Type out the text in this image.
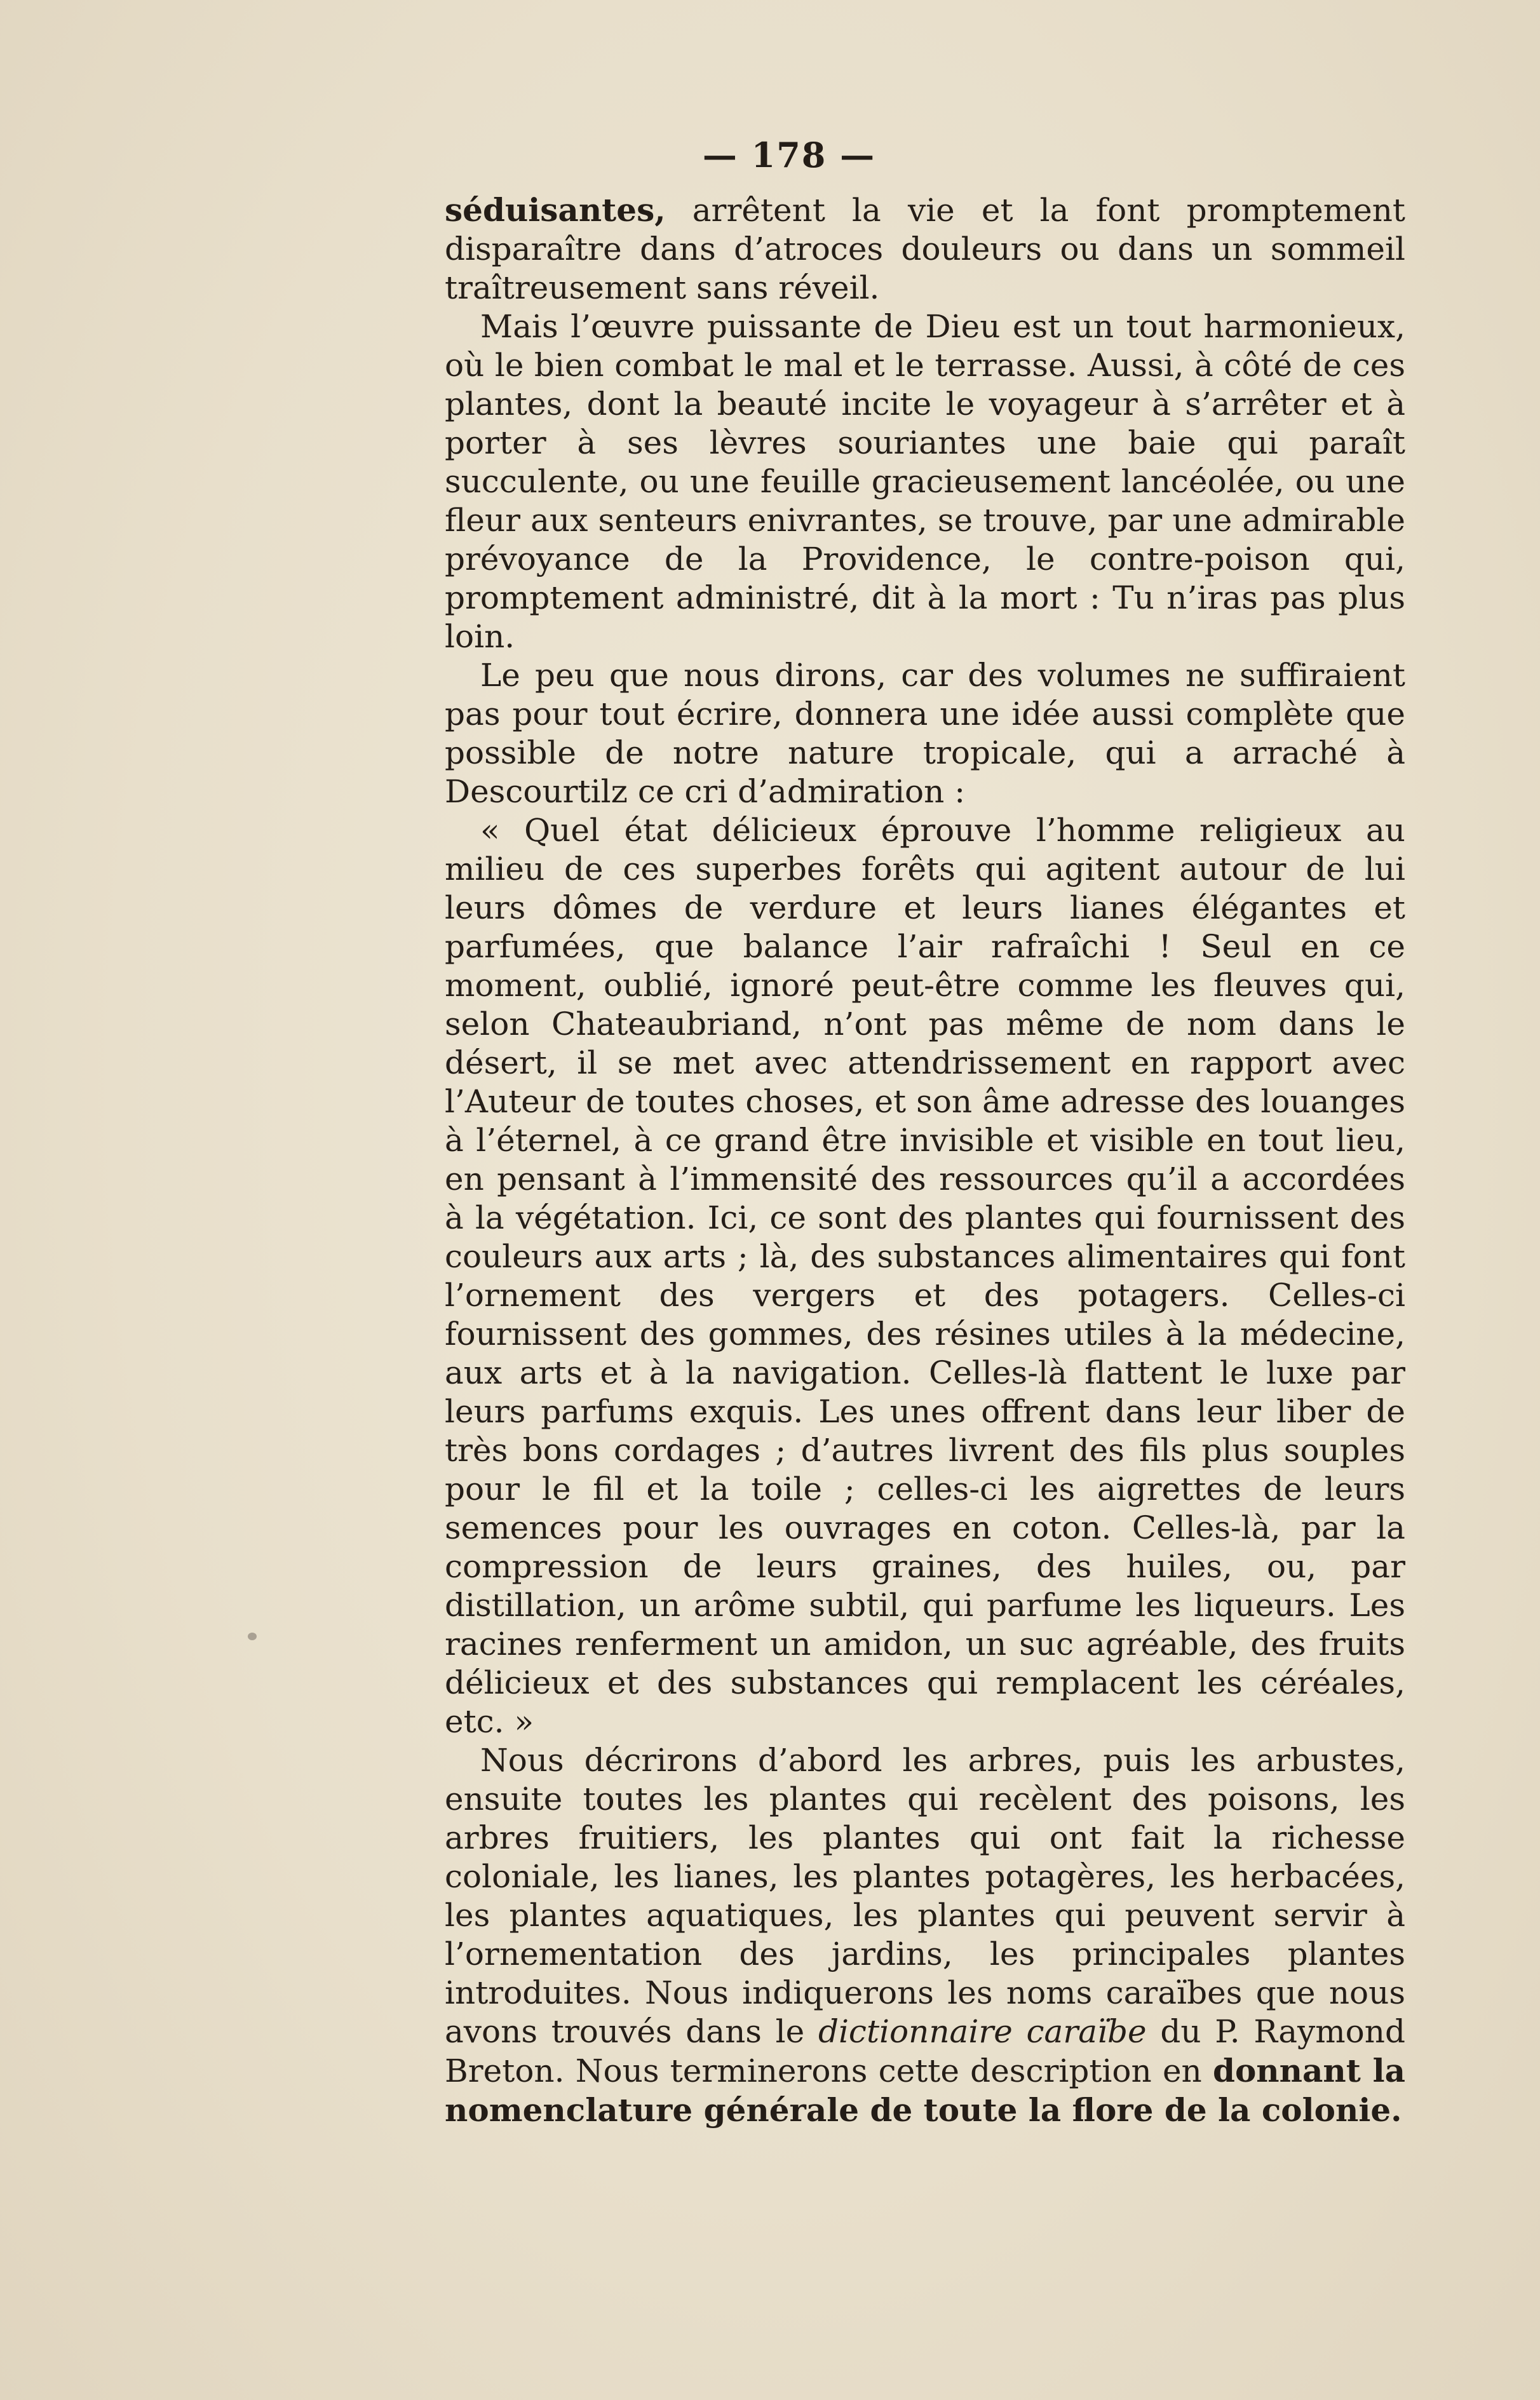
— 178 —

séduisantes, arrêtent la vie et la font promptement disparaître dans d’atroces douleurs ou dans un sommeil traîtreusement sans réveil.

Mais l’œuvre puissante de Dieu est un tout harmonieux, où le bien combat le mal et le terrasse. Aussi, à côté de ces plantes, dont la beauté incite le voyageur à s’arrêter et à porter à ses lèvres souriantes une baie qui paraît succulente, ou une feuille gracieusement lancéolée, ou une fleur aux senteurs enivrantes, se trouve, par une admirable prévoyance de la Providence, le contre-poison qui, promptement administré, dit à la mort : Tu n’iras pas plus loin.

Le peu que nous dirons, car des volumes ne suffiraient pas pour tout écrire, donnera une idée aussi complète que possible de notre nature tropicale, qui a arraché à Descourtilz ce cri d’admiration :

« Quel état délicieux éprouve l’homme religieux au milieu de ces superbes forêts qui agitent autour de lui leurs dômes de verdure et leurs lianes élégantes et parfumées, que balance l’air rafraîchi ! Seul en ce moment, oublié, ignoré peut-être comme les fleuves qui, selon Chateaubriand, n’ont pas même de nom dans le désert, il se met avec attendrissement en rapport avec l’Auteur de toutes choses, et son âme adresse des louanges à l’éternel, à ce grand être invisible et visible en tout lieu, en pensant à l’immensité des ressources qu’il a accordées à la végétation. Ici, ce sont des plantes qui fournissent des couleurs aux arts ; là, des substances alimentaires qui font l’ornement des vergers et des potagers. Celles-ci fournissent des gommes, des résines utiles à la médecine, aux arts et à la navigation. Celles-là flattent le luxe par leurs parfums exquis. Les unes offrent dans leur liber de très bons cordages ; d’autres livrent des fils plus souples pour le fil et la toile ; celles-ci les aigrettes de leurs semences pour les ouvrages en coton. Celles-là, par la compression de leurs graines, des huiles, ou, par distillation, un arôme subtil, qui parfume les liqueurs. Les racines renferment un amidon, un suc agréable, des fruits délicieux et des substances qui remplacent les céréales, etc. »

Nous décrirons d’abord les arbres, puis les arbustes, ensuite toutes les plantes qui recèlent des poisons, les arbres fruitiers, les plantes qui ont fait la richesse coloniale, les lianes, les plantes potagères, les herbacées, les plantes aquatiques, les plantes qui peuvent servir à l’ornementation des jardins, les principales plantes introduites. Nous indiquerons les noms caraïbes que nous avons trouvés dans le dictionnaire caraïbe du P. Raymond Breton. Nous terminerons cette description en donnant la nomenclature générale de toute la flore de la colonie.
